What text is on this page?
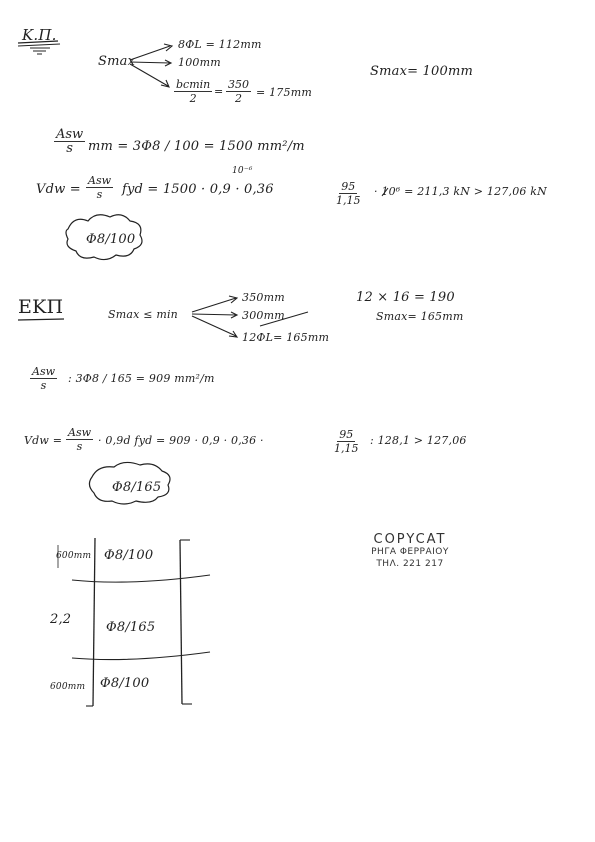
Κ.Π.
Smax
8ΦL = 112mm
100mm
bcmin
2
= $\frac{350}{2} = 175mm$
Smax= 100mm
Asw
s mm = 3Φ8 / 100 = 1500 mm²/m
Vdw =
Asw
s fyd = 1500 · 0,9 · 0,36
10⁻⁶
$\frac{95}{1,15} \cdot 10^6 = 211,3$ kN > 127,06 kN
Φ8/100
ΕΚΠ	Smax ≤ min
350mm
300mm
12ΦL= 165mm
12 × 16 = 190
Smax= 165mm
Asw
s
: 3Φ8 / 165 = 909 mm²/m
Vdw =
Asw
s · 0,9d fyd = 909 · 0,9 · 0,36 ·	$\frac{95}{1,15}$ : 128,1 > 127,06
Φ8/165
600mm Φ8/100
2,2
Φ8/165
600mm Φ8/100
COPYCAT
ΡΗΓΑ ΦΕΡΡΑΙΟΥ
ΤΗΛ. 221 217
